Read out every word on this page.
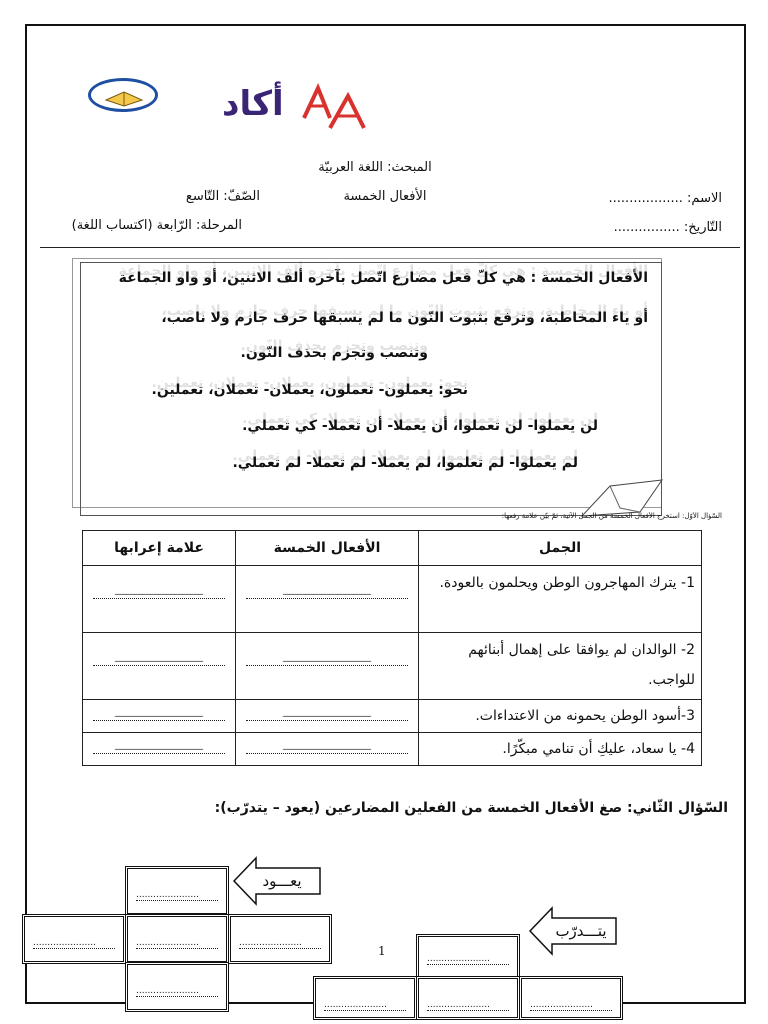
أكاد
المبحث: اللغة العربيّة
الاسم: ..................
الأفعال الخمسة
الصّفّ: التّاسع
التّاريخ: ................
المرحلة: الرّابعة (اكتساب اللغة)
الأفعال الخمسة : هي كلّ فعل مضارع اتّصل بآخره ألف الاثنين، أو واو الجماعة
أو ياء المخاطبة، وترفع بثبوت النّون ما لم يسبقها حرف جازم ولا ناصب،
وتنصب وتجزم بحذف النّون.
نحو: يعملون- تعملون، يعملان- تعملان، تعملين.
لن يعملوا- لن تعملوا، أن يعملا- أن تعملا- كي تعملي.
لم يعملوا- لم تعلموا، لم يعملا- لم تعملا- لم تعملي.
السّؤال الأوّل: استخرج الأفعال الخمسة من الجمل الآتية، ثمّ بيّن علامة رفعها:
الجمل	الأفعال الخمسة	علامة إعرابها
1- يترك المهاجرون الوطن ويحلمون بالعودة.	________________	________________

2- الوالدان لم يوافقا على إهمال أبنائهم للواجب.	________________	________________

3-أسود الوطن يحمونه من الاعتداءات.	________________	________________

4- يا سعاد، عليكِ أن تنامي مبكّرًا.	________________	________________
السّؤال الثّاني: صغ الأفعال الخمسة من الفعلين المضارعين (يعود – يتدرّب):
يعـــود
......................
......................	......................	......................
......................
يتـــدرّب
......................
......................	......................	......................
1
